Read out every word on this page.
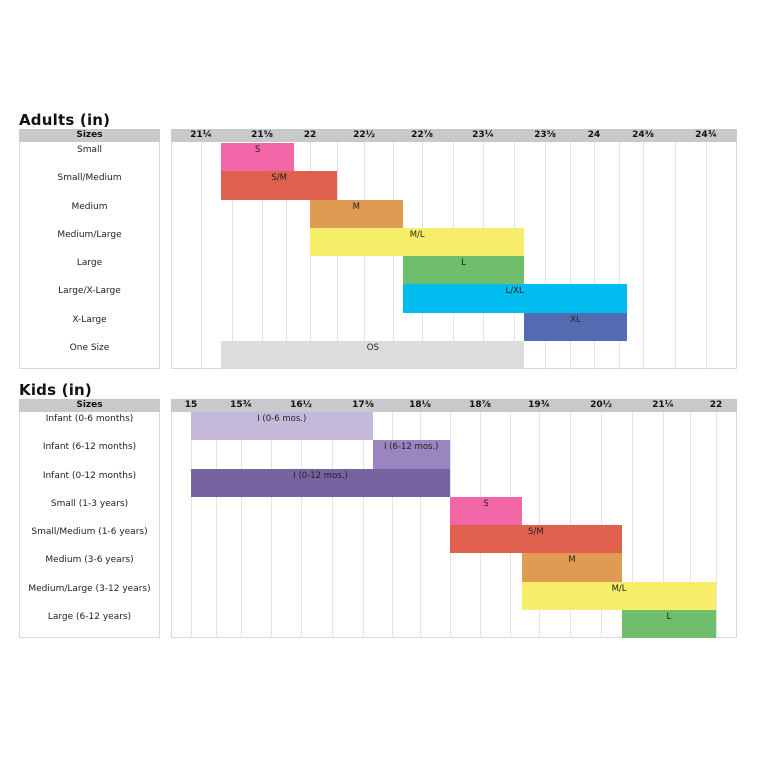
Adults (in)
Sizes	21¼	21⅝	22	22½	22⅞	23¼	23⅝	24	24⅜	24¾
Small	S
Small/Medium	S/M
Medium	M
Medium/Large	M/L
Large	L
Large/X-Large	L/XL
X-Large	XL
One Size	OS
Kids (in)
Sizes	15	15¾	16½	17⅜	18⅛	18⅞	19¾	20½	21¼	22
Infant (0-6 months)	I (0-6 mos.)
Infant (6-12 months)	I (6-12 mos.)
Infant (0-12 months)	I (0-12 mos.)
Small (1-3 years)	S
Small/Medium (1-6 years)	S/M
Medium (3-6 years)	M
Medium/Large (3-12 years)	M/L
Large (6-12 years)	L
